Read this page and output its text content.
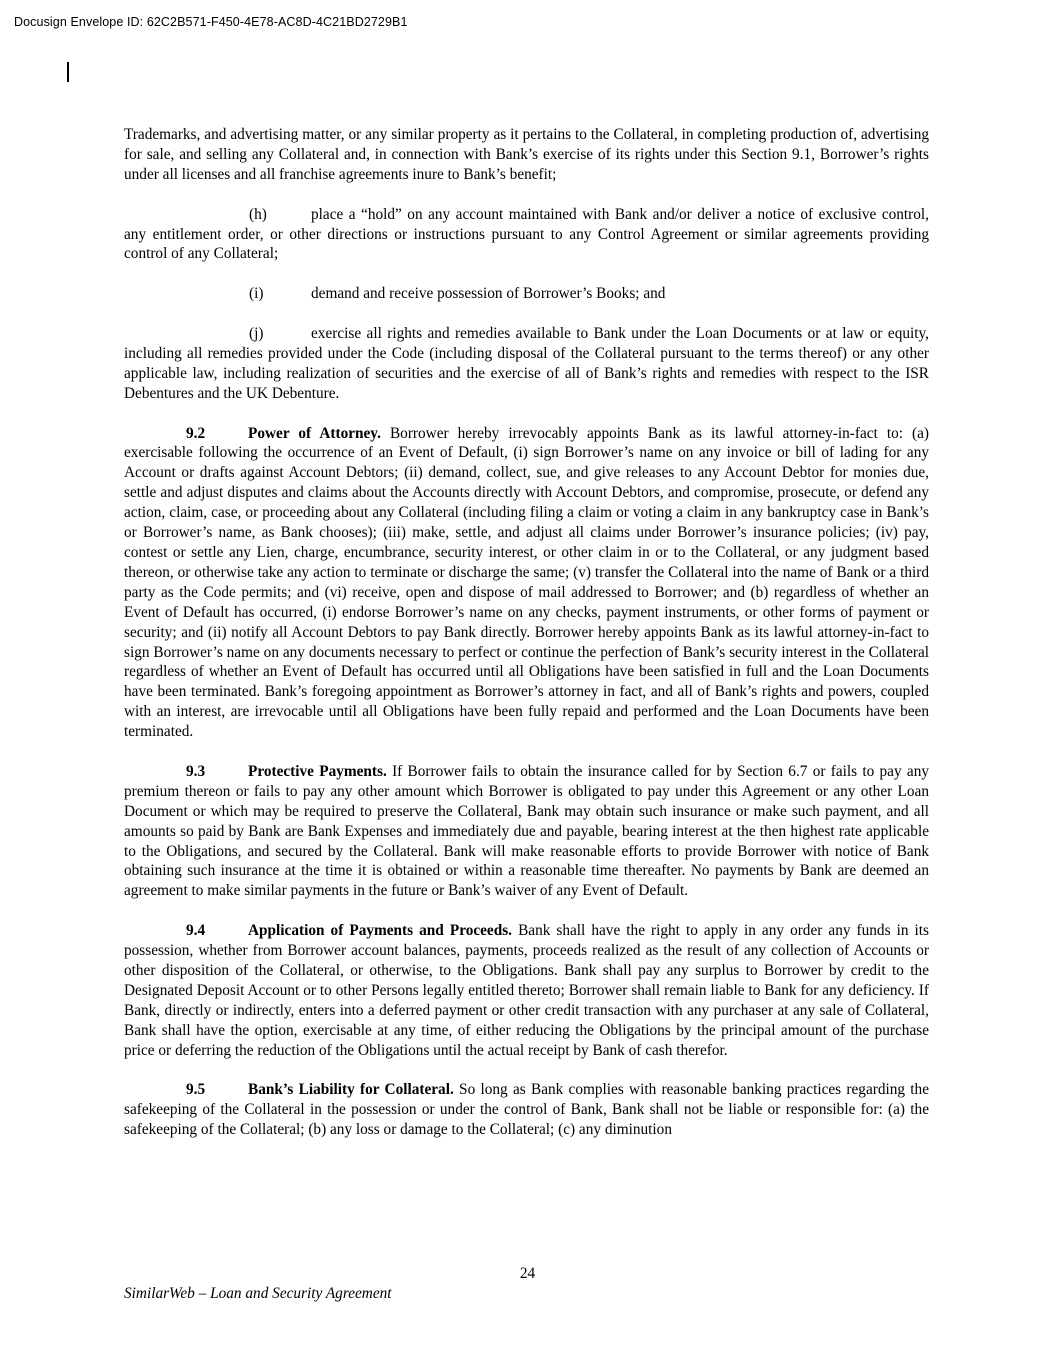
Docusign Envelope ID: 62C2B571-F450-4E78-AC8D-4C21BD2729B1

Trademarks, and advertising matter, or any similar property as it pertains to the Collateral, in completing production of, advertising for sale, and selling any Collateral and, in connection with Bank’s exercise of its rights under this Section 9.1, Borrower’s rights under all licenses and all franchise agreements inure to Bank’s benefit;

(h)	place a “hold” on any account maintained with Bank and/or deliver a notice of exclusive control, any entitlement order, or other directions or instructions pursuant to any Control Agreement or similar agreements providing control of any Collateral;

(i)	demand and receive possession of Borrower’s Books; and

(j)	exercise all rights and remedies available to Bank under the Loan Documents or at law or equity, including all remedies provided under the Code (including disposal of the Collateral pursuant to the terms thereof) or any other applicable law, including realization of securities and the exercise of all of Bank’s rights and remedies with respect to the ISR Debentures and the UK Debenture.

9.2	Power of Attorney. Borrower hereby irrevocably appoints Bank as its lawful attorney-in-fact to: (a) exercisable following the occurrence of an Event of Default, (i) sign Borrower’s name on any invoice or bill of lading for any Account or drafts against Account Debtors; (ii) demand, collect, sue, and give releases to any Account Debtor for monies due, settle and adjust disputes and claims about the Accounts directly with Account Debtors, and compromise, prosecute, or defend any action, claim, case, or proceeding about any Collateral (including filing a claim or voting a claim in any bankruptcy case in Bank’s or Borrower’s name, as Bank chooses); (iii) make, settle, and adjust all claims under Borrower’s insurance policies; (iv) pay, contest or settle any Lien, charge, encumbrance, security interest, or other claim in or to the Collateral, or any judgment based thereon, or otherwise take any action to terminate or discharge the same; (v) transfer the Collateral into the name of Bank or a third party as the Code permits; and (vi) receive, open and dispose of mail addressed to Borrower; and (b) regardless of whether an Event of Default has occurred, (i) endorse Borrower’s name on any checks, payment instruments, or other forms of payment or security; and (ii) notify all Account Debtors to pay Bank directly. Borrower hereby appoints Bank as its lawful attorney-in-fact to sign Borrower’s name on any documents necessary to perfect or continue the perfection of Bank’s security interest in the Collateral regardless of whether an Event of Default has occurred until all Obligations have been satisfied in full and the Loan Documents have been terminated. Bank’s foregoing appointment as Borrower’s attorney in fact, and all of Bank’s rights and powers, coupled with an interest, are irrevocable until all Obligations have been fully repaid and performed and the Loan Documents have been terminated.

9.3	Protective Payments. If Borrower fails to obtain the insurance called for by Section 6.7 or fails to pay any premium thereon or fails to pay any other amount which Borrower is obligated to pay under this Agreement or any other Loan Document or which may be required to preserve the Collateral, Bank may obtain such insurance or make such payment, and all amounts so paid by Bank are Bank Expenses and immediately due and payable, bearing interest at the then highest rate applicable to the Obligations, and secured by the Collateral. Bank will make reasonable efforts to provide Borrower with notice of Bank obtaining such insurance at the time it is obtained or within a reasonable time thereafter. No payments by Bank are deemed an agreement to make similar payments in the future or Bank’s waiver of any Event of Default.

9.4	Application of Payments and Proceeds. Bank shall have the right to apply in any order any funds in its possession, whether from Borrower account balances, payments, proceeds realized as the result of any collection of Accounts or other disposition of the Collateral, or otherwise, to the Obligations. Bank shall pay any surplus to Borrower by credit to the Designated Deposit Account or to other Persons legally entitled thereto; Borrower shall remain liable to Bank for any deficiency. If Bank, directly or indirectly, enters into a deferred payment or other credit transaction with any purchaser at any sale of Collateral, Bank shall have the option, exercisable at any time, of either reducing the Obligations by the principal amount of the purchase price or deferring the reduction of the Obligations until the actual receipt by Bank of cash therefor.

9.5	Bank’s Liability for Collateral. So long as Bank complies with reasonable banking practices regarding the safekeeping of the Collateral in the possession or under the control of Bank, Bank shall not be liable or responsible for: (a) the safekeeping of the Collateral; (b) any loss or damage to the Collateral; (c) any diminution

24
SimilarWeb – Loan and Security Agreement
